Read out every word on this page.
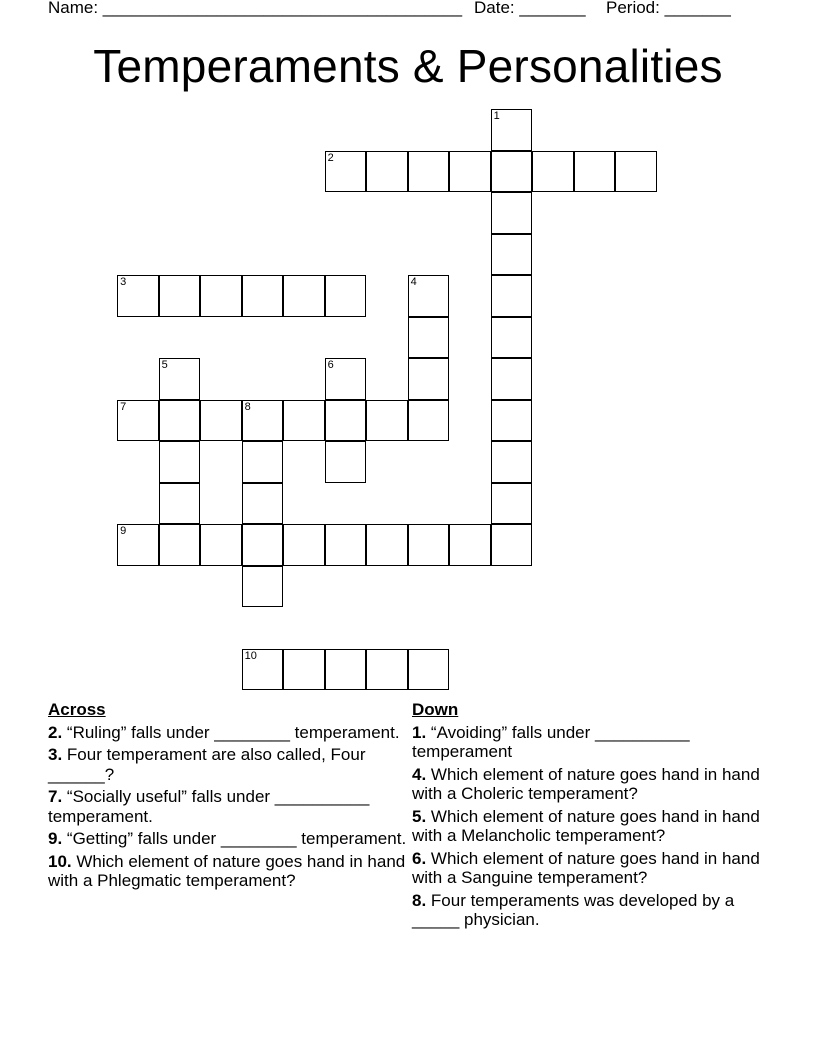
Name: ______________________________________ Date: _______ Period: _______
Temperaments & Personalities
1
2
3	4
5	6
7	8
9
10
Across
2. “Ruling” falls under ________ temperament.
3. Four temperament are also called, Four ______?
7. “Socially useful” falls under __________ temperament.
9. “Getting” falls under ________ temperament.
10. Which element of nature goes hand in hand with a Phlegmatic temperament?
Down
1. “Avoiding” falls under __________ temperament
4. Which element of nature goes hand in hand with a Choleric temperament?
5. Which element of nature goes hand in hand with a Melancholic temperament?
6. Which element of nature goes hand in hand with a Sanguine temperament?
8. Four temperaments was developed by a _____ physician.
